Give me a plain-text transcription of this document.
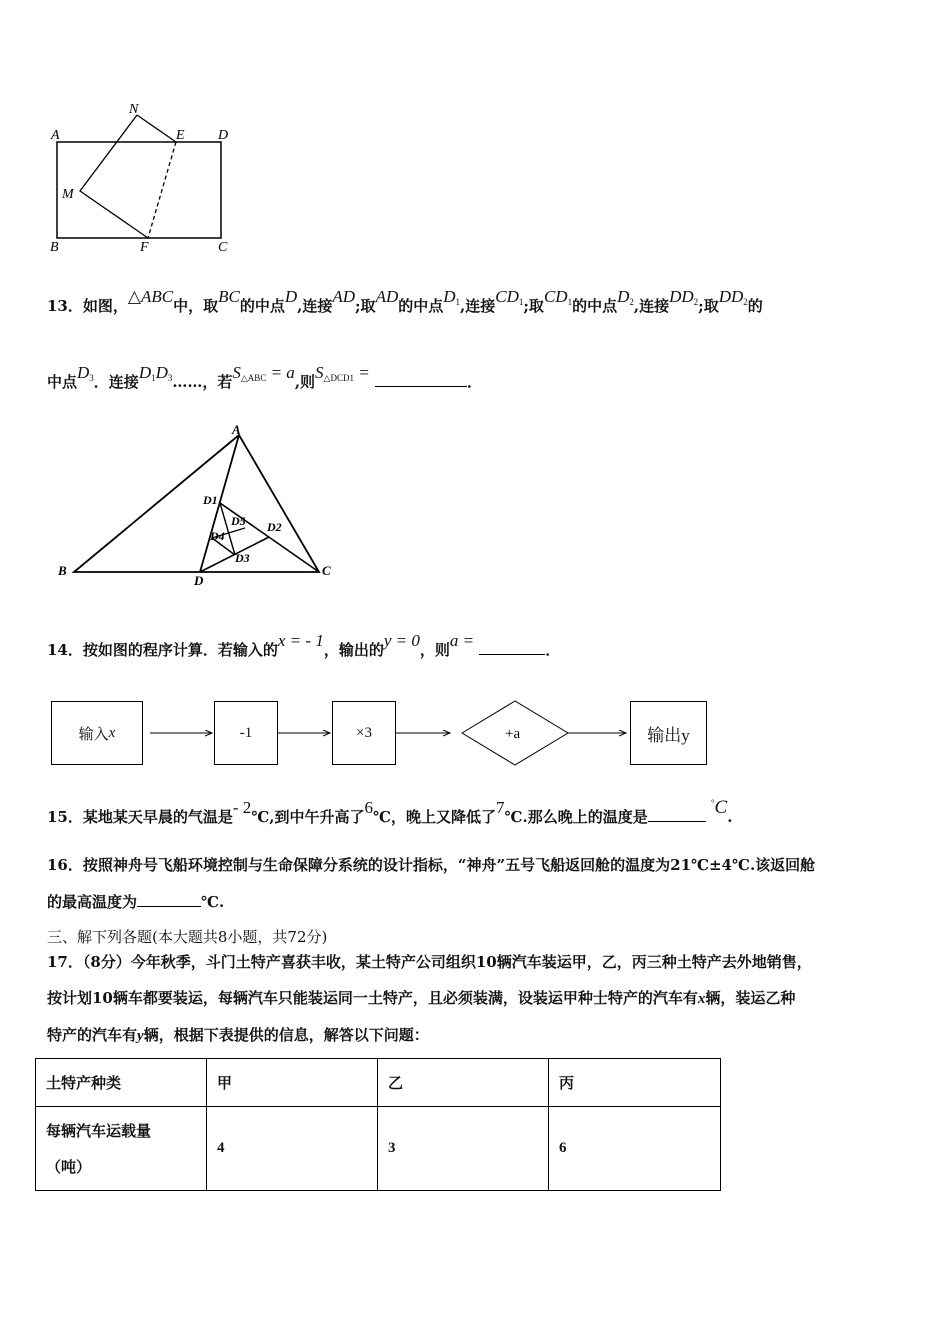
N
A	E D
M
B	F	C
13．如图，△ABC中，取BC的中点D,连接AD;取AD的中点D1,连接CD1;取CD1的中点D2,连接DD2;取DD2的
中点D3．连接D1D3……，若S△ABC = a,则S△DCD1 =	．
A
B	C
D
D1
D2
D3
D4
D5
14．按如图的程序计算．若输入的x = - 1，输出的y = 0，则a =	．
输入 x	-1	×3	输出y
+a
15．某地某天早晨的气温是- 2℃,到中午升高了6℃，晚上又降低了7℃.那么晚上的温度是 °C.
16．按照神舟号飞船环境控制与生命保障分系统的设计指标，“神舟”五号飞船返回舱的温度为21℃±4℃.该返回舱
的最高温度为	℃.
三、解下列各题(本大题共8小题，共72分)
17．（8分）今年秋季，斗门土特产喜获丰收，某土特产公司组织10辆汽车装运甲，乙，丙三种土特产去外地销售，
按计划10辆车都要装运，每辆汽车只能装运同一土特产，且必须装满，设装运甲种士特产的汽车有x辆，装运乙种
特产的汽车有y辆，根据下表提供的信息，解答以下问题：
土特产种类	甲	乙	丙

每辆汽车运载量
（吨）	4	3	6
